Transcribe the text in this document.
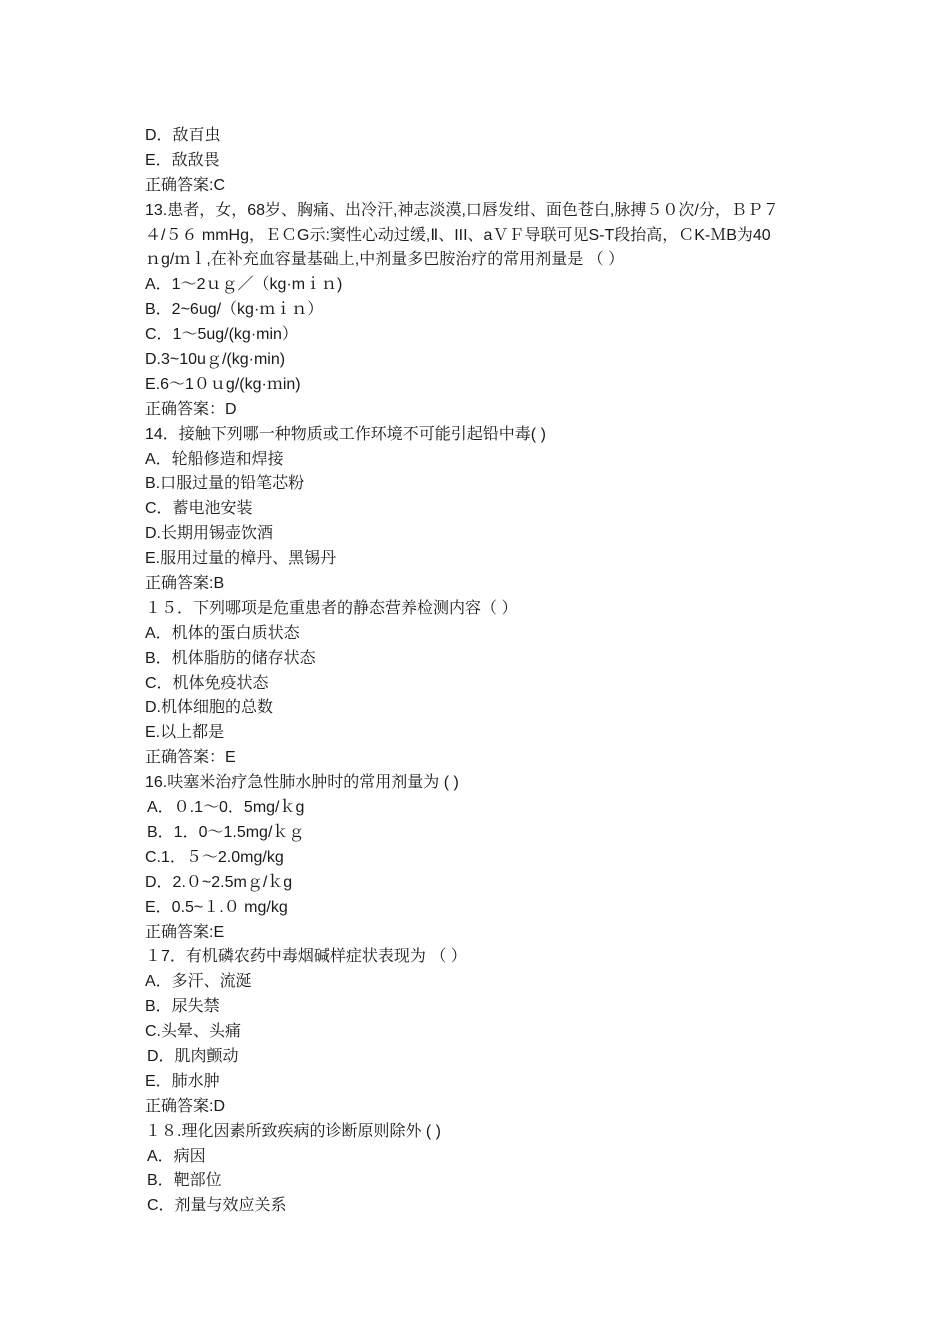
D．敌百虫
E．敌敌畏
正确答案:C
13.患者，女，68岁、胸痛、出冷汗,神志淡漠,口唇发绀、面色苍白,脉搏５０次/分，ＢＰ７
４/５６ mmHg，ＥＣG示:窦性心动过缓,Ⅱ、III、aＶＦ导联可见S-T段抬高，ＣK-ＭB为40
ｎg/ｍｌ,在补充血容量基础上,中剂量多巴胺治疗的常用剂量是 （ ）
A．1～2ｕｇ／（kg·mｉｎ)
B．2~6ug/（kg·ｍｉｎ）
C．1～5ug/(kg·min）
D.3~10uｇ/(kg·min)
E.6～1０ｕg/(kg·ｍin)
正确答案：D
14．接触下列哪一种物质或工作环境不可能引起铅中毒( )
A．轮船修造和焊接
B.口服过量的铅笔芯粉
C．蓄电池安装
D.长期用锡壶饮酒
E.服用过量的樟丹、黑锡丹
正确答案:B
１５．下列哪项是危重患者的静态营养检测内容（ ）
A．机体的蛋白质状态
B．机体脂肪的储存状态
C．机体免疫状态
D.机体细胞的总数
E.以上都是
正确答案：E
16.呋塞米治疗急性肺水肿时的常用剂量为 ( )
A．０.1～0．5mg/ｋg
B．1．0～1.5mg/ｋｇ
C.1．５～2.0mg/kg
D．2.０~2.5mｇ/ｋg
E．0.5~１.０ mg/kg
正确答案:E
１7．有机磷农药中毒烟碱样症状表现为 （ ）
A．多汗、流涎
B．尿失禁
C.头晕、头痛
D．肌肉颤动
E．肺水肿
正确答案:D
１８.理化因素所致疾病的诊断原则除外 ( )
A．病因
B．靶部位
C．剂量与效应关系
